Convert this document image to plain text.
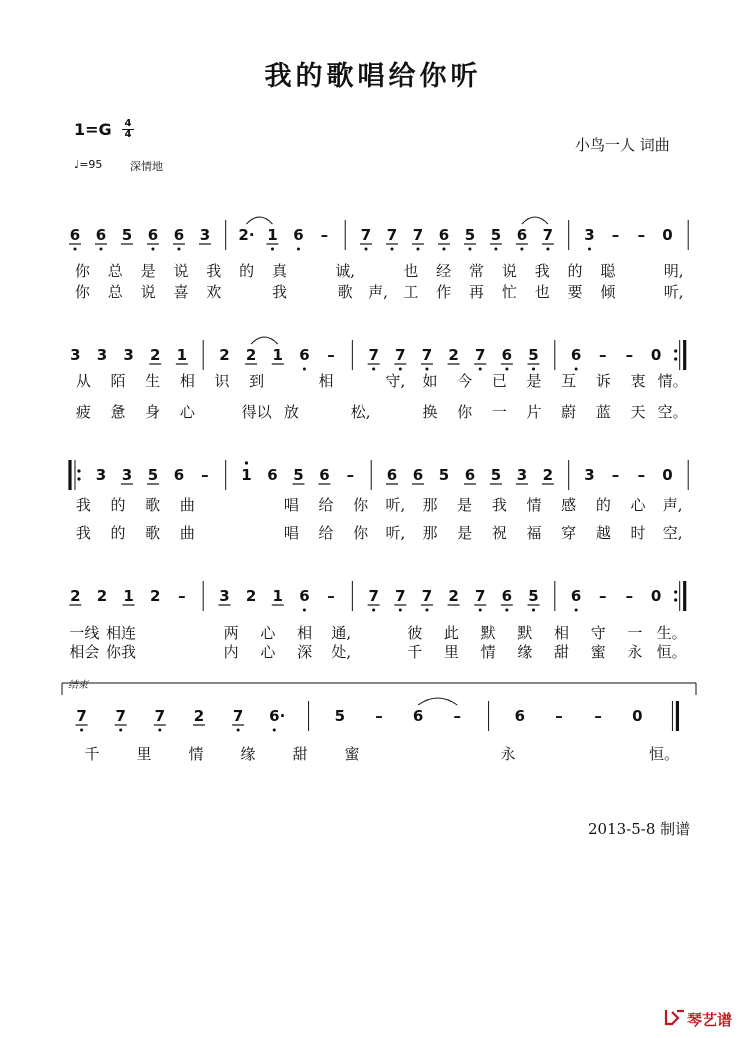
我的歌唱给你听
1=G 4
4
♩=95	深情地
小鸟一人 词曲
6 6 5 6 6 3 2· 1 6 – 7 7 7 6 5 5 6 7 3 – – 0
你 总 是 说 我 的 真	诚,	也 经 常 说 我 的 聪	明,
你 总 说 喜 欢	我	歌 声, 工 作 再 忙 也 要 倾	听,
3 3 3 2 1 2 2 1 6 – 7 7 7 2 7 6 5 6 – – 0
从 陌 生 相 识 到	相	守, 如 今 已 是 互 诉 衷 情。
疲 惫 身 心	得以 放	松,	换 你 一 片 蔚 蓝 天 空。
3 3 5 6 – 1 6 5 6 – 6 6 5 6 5 3 2 3 – – 0
我 的 歌 曲	唱 给 你 听, 那 是 我 情 感 的 心 声,
我 的 歌 曲	唱 给 你 听, 那 是 祝 福 穿 越 时 空,
2 2 1 2 – 3 2 1 6 – 7 7 7 2 7 6 5 6 – – 0
一线 相连	两 心 相 通,	彼 此 默 默 相 守 一 生。
相会 你我	内 心 深 处,	千 里 情 缘 甜 蜜 永 恒。
7 7 7 2 7 6·	5 – 6 –	6 – – 0
千 里 情 缘 甜 蜜	永	恒。
结束
2013-5-8 制谱
琴艺谱
